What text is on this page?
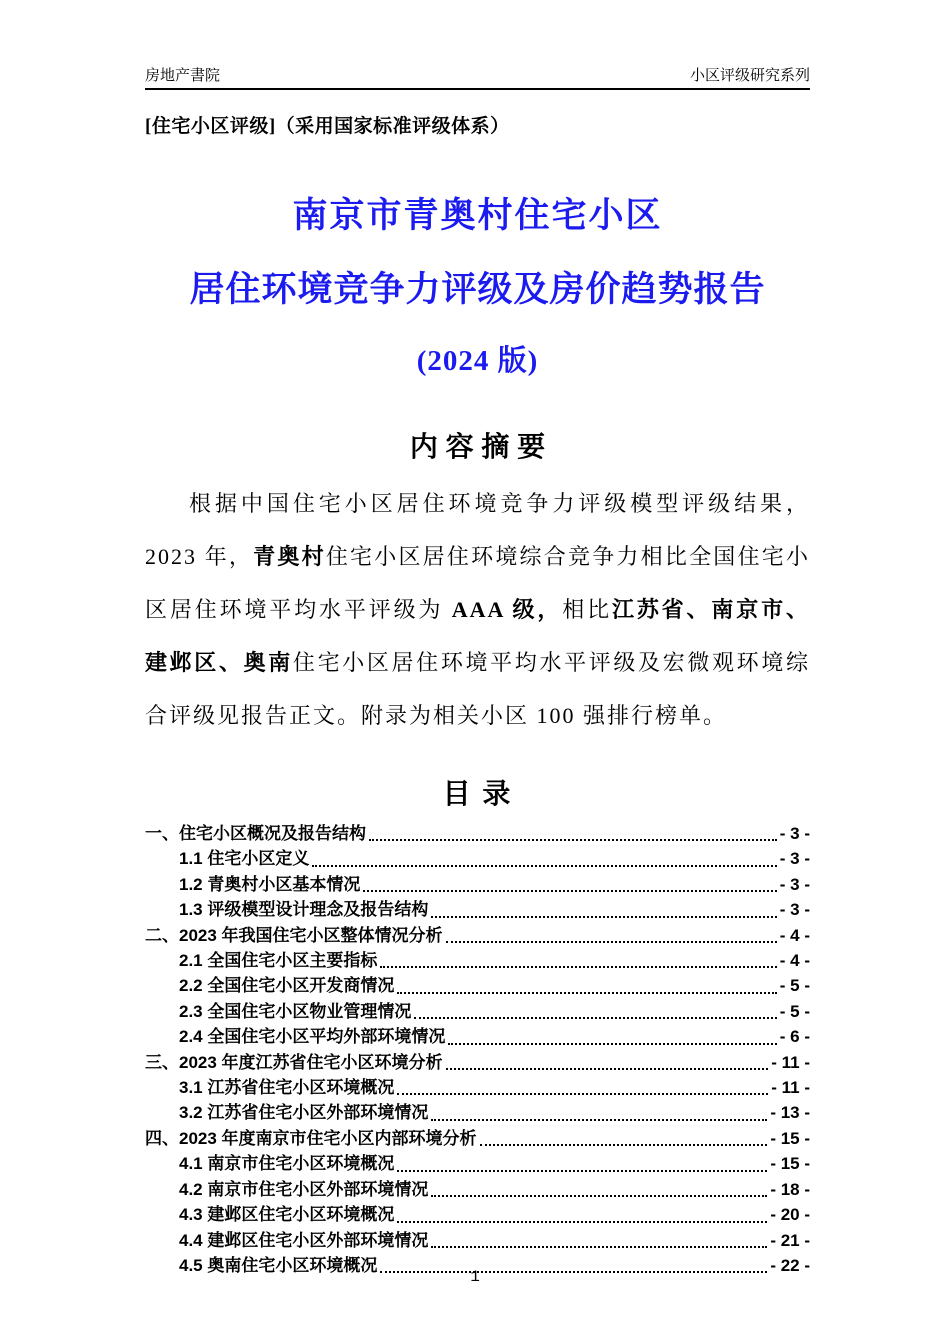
房地产書院	小区评级研究系列
[住宅小区评级]（采用国家标准评级体系）
南京市青奥村住宅小区
居住环境竞争力评级及房价趋势报告
(2024 版)
内 容 摘 要

根据中国住宅小区居住环境竞争力评级模型评级结果，2023 年，青奥村住宅小区居住环境综合竞争力相比全国住宅小区居住环境平均水平评级为 AAA 级，相比江苏省、南京市、建邺区、奥南住宅小区居住环境平均水平评级及宏微观环境综合评级见报告正文。附录为相关小区 100 强排行榜单。

目 录
一、住宅小区概况及报告结构	- 3 -
1.1 住宅小区定义	- 3 -
1.2 青奥村小区基本情况	- 3 -
1.3 评级模型设计理念及报告结构	- 3 -
二、2023 年我国住宅小区整体情况分析	- 4 -
2.1 全国住宅小区主要指标	- 4 -
2.2 全国住宅小区开发商情况	- 5 -
2.3 全国住宅小区物业管理情况	- 5 -
2.4 全国住宅小区平均外部环境情况	- 6 -
三、2023 年度江苏省住宅小区环境分析	- 11 -
3.1 江苏省住宅小区环境概况	- 11 -
3.2 江苏省住宅小区外部环境情况	- 13 -
四、2023 年度南京市住宅小区内部环境分析	- 15 -
4.1 南京市住宅小区环境概况	- 15 -
4.2 南京市住宅小区外部环境情况	- 18 -
4.3 建邺区住宅小区环境概况	- 20 -
4.4 建邺区住宅小区外部环境情况	- 21 -
4.5 奥南住宅小区环境概况	- 22 -
1
